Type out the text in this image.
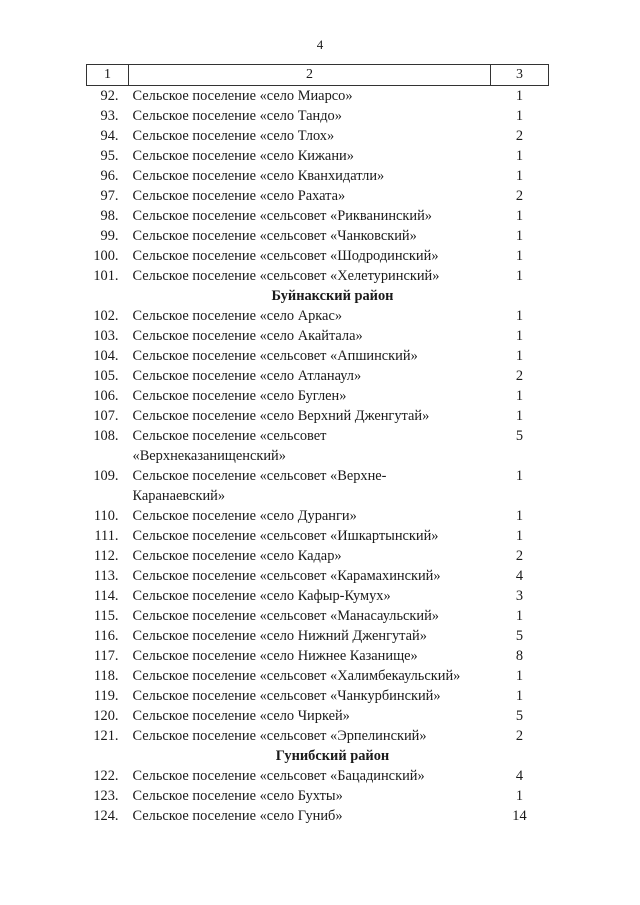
4
1	2	3
92.	Сельское поселение «село Миарсо»	1
93.	Сельское поселение «село Тандо»	1
94.	Сельское поселение «село Тлох»	2
95.	Сельское поселение «село Кижани»	1
96.	Сельское поселение «село Кванхидатли»	1
97.	Сельское поселение «село Рахата»	2
98.	Сельское поселение «сельсовет «Рикванинский»	1
99.	Сельское поселение «сельсовет «Чанковский»	1
100.	Сельское поселение «сельсовет «Шодродинский»	1
101.	Сельское поселение «сельсовет «Хелетуринский»	1
Буйнакский район		
102.	Сельское поселение «село Аркас»	1
103.	Сельское поселение «село Акайтала»	1
104.	Сельское поселение «сельсовет «Апшинский»	1
105.	Сельское поселение «село Атланаул»	2
106.	Сельское поселение «село Буглен»	1
107.	Сельское поселение «село Верхний Дженгутай»	1
108.	Сельское поселение «сельсовет
«Верхнеказанищенский»	5
109.	Сельское поселение «сельсовет «Верхне-
Каранаевский»	1
110.	Сельское поселение «село Дуранги»	1
111.	Сельское поселение «сельсовет «Ишкартынский»	1
112.	Сельское поселение «село Кадар»	2
113.	Сельское поселение «сельсовет «Карамахинский»	4
114.	Сельское поселение «село Кафыр-Кумух»	3
115.	Сельское поселение «сельсовет «Манасаульский»	1
116.	Сельское поселение «село Нижний Дженгутай»	5
117.	Сельское поселение «село Нижнее Казанище»	8
118.	Сельское поселение «сельсовет «Халимбекаульский»	1
119.	Сельское поселение «сельсовет «Чанкурбинский»	1
120.	Сельское поселение «село Чиркей»	5
121.	Сельское поселение «сельсовет «Эрпелинский»	2
Гунибский район		
122.	Сельское поселение «сельсовет «Бацадинский»	4
123.	Сельское поселение «село Бухты»	1
124.	Сельское поселение «село Гуниб»	14
